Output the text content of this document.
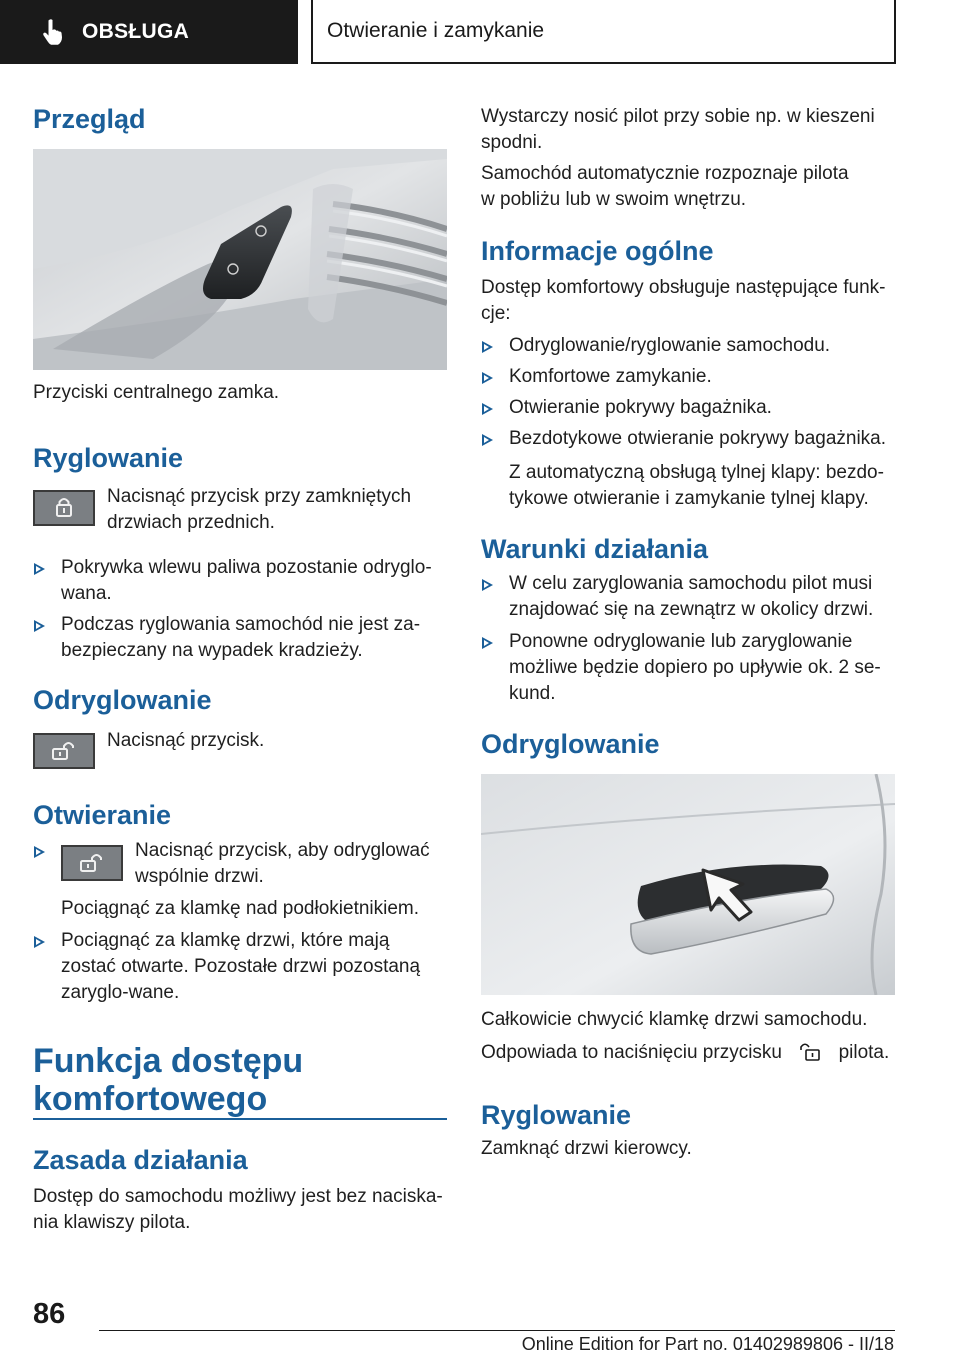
OBSŁUGA	Otwieranie i zamykanie
Przegląd
Przyciski centralnego zamka.
Ryglowanie
Nacisnąć przycisk przy zamkniętych drzwiach przednich.
Pokrywka wlewu paliwa pozostanie odryglo-wana.
Podczas ryglowania samochód nie jest za-bezpieczany na wypadek kradzieży.
Odryglowanie
Nacisnąć przycisk.
Otwieranie
Nacisnąć przycisk, aby odryglować wspólnie drzwi.
Pociągnąć za klamkę nad podłokietnikiem.
Pociągnąć za klamkę drzwi, które mają zostać otwarte. Pozostałe drzwi pozostaną zaryglo-wane.
Funkcja dostępu komfortowego
Zasada działania
Dostęp do samochodu możliwy jest bez naciska-nia klawiszy pilota.
Wystarczy nosić pilot przy sobie np. w kieszeni spodni.
Samochód automatycznie rozpoznaje pilota w pobliżu lub w swoim wnętrzu.
Informacje ogólne
Dostęp komfortowy obsługuje następujące funk-cje:
Odryglowanie/ryglowanie samochodu.
Komfortowe zamykanie.
Otwieranie pokrywy bagażnika.
Bezdotykowe otwieranie pokrywy bagażnika.
Z automatyczną obsługą tylnej klapy: bezdo-tykowe otwieranie i zamykanie tylnej klapy.
Warunki działania
W celu zaryglowania samochodu pilot musi znajdować się na zewnątrz w okolicy drzwi.
Ponowne odryglowanie lub zaryglowanie możliwe będzie dopiero po upływie ok. 2 se-kund.
Odryglowanie
Całkowicie chwycić klamkę drzwi samochodu.
Odpowiada to naciśnięciu przycisku	pilota.
Ryglowanie
Zamknąć drzwi kierowcy.
86
Online Edition for Part no. 01402989806 - II/18
